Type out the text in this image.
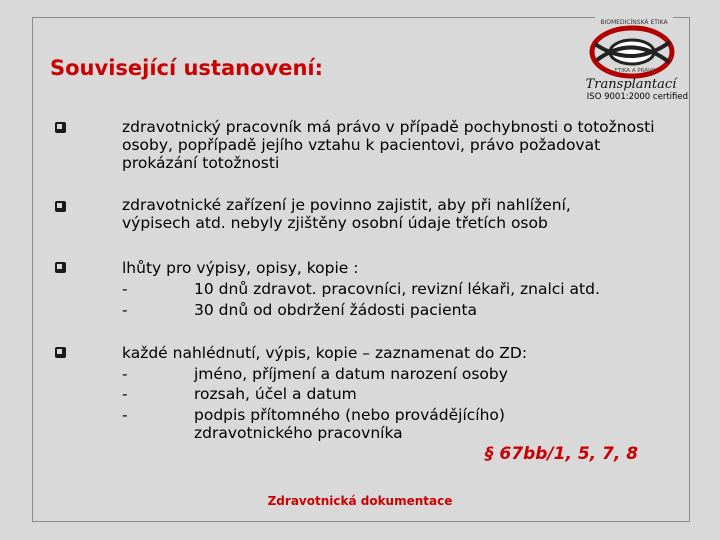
Související ustanovení:
BIOMEDICÍNSKÁ ETIKA
ETIKA A PRÁVO
Transplantací
ISO 9001:2000 certified

zdravotnický pracovník má právo v případě pochybnosti o totožnosti

osoby, popřípadě jejího vztahu k pacientovi, právo požadovat

prokázání totožnosti

zdravotnické zařízení je povinno zajistit, aby při nahlížení,

výpisech atd. nebyly zjištěny osobní údaje třetích osob

lhůty pro výpisy, opisy, kopie :

-	10 dnů zdravot. pracovníci, revizní lékaři, znalci atd.
-	30 dnů od obdržení žádosti pacienta

každé nahlédnutí, výpis, kopie – zaznamenat do ZD:

-	jméno, příjmení a datum narození osoby
-	rozsah, účel a datum
-	podpis přítomného (nebo provádějícího)
zdravotnického pracovníka
§ 67bb/1, 5, 7, 8
Zdravotnická dokumentace
